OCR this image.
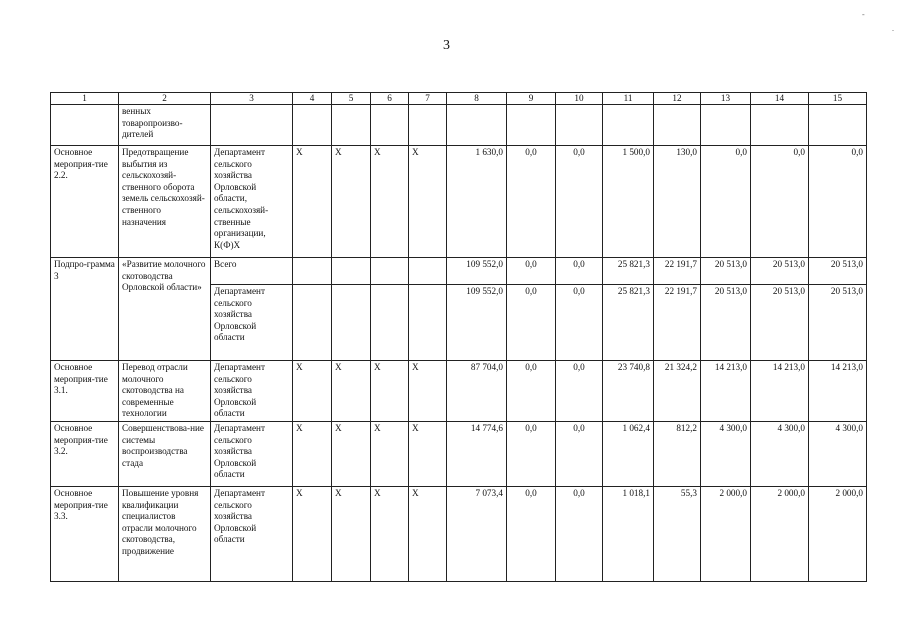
3
-
.
1	2	3	4	5	6	7	8	9	10	11	12	13	14	15
	венных товаропроизво-дителей													
Основное мероприя-тие 2.2.	Предотвращение выбытия из сельскохозяй-ственного оборота земель сельскохозяй-ственного назначения	Департамент сельского хозяйства Орловской области, сельскохозяй-ственные организации, К(Ф)Х	X	X	X	X	1 630,0	0,0	0,0	1 500,0	130,0	0,0	0,0	0,0
Подпро-грамма 3	«Развитие молочного скотоводства Орловской области»	Всего					109 552,0	0,0	0,0	25 821,3	22 191,7	20 513,0	20 513,0	20 513,0
		Департамент сельского хозяйства Орловской области					109 552,0	0,0	0,0	25 821,3	22 191,7	20 513,0	20 513,0	20 513,0
Основное мероприя-тие 3.1.	Перевод отрасли молочного скотоводства на современные технологии	Департамент сельского хозяйства Орловской области	X	X	X	X	87 704,0	0,0	0,0	23 740,8	21 324,2	14 213,0	14 213,0	14 213,0
Основное мероприя-тие 3.2.	Совершенствова-ние системы воспроизводства стада	Департамент сельского хозяйства Орловской области	X	X	X	X	14 774,6	0,0	0,0	1 062,4	812,2	4 300,0	4 300,0	4 300,0
Основное мероприя-тие 3.3.	Повышение уровня квалификации специалистов отрасли молочного скотоводства, продвижение	Департамент сельского хозяйства Орловской области	X	X	X	X	7 073,4	0,0	0,0	1 018,1	55,3	2 000,0	2 000,0	2 000,0
